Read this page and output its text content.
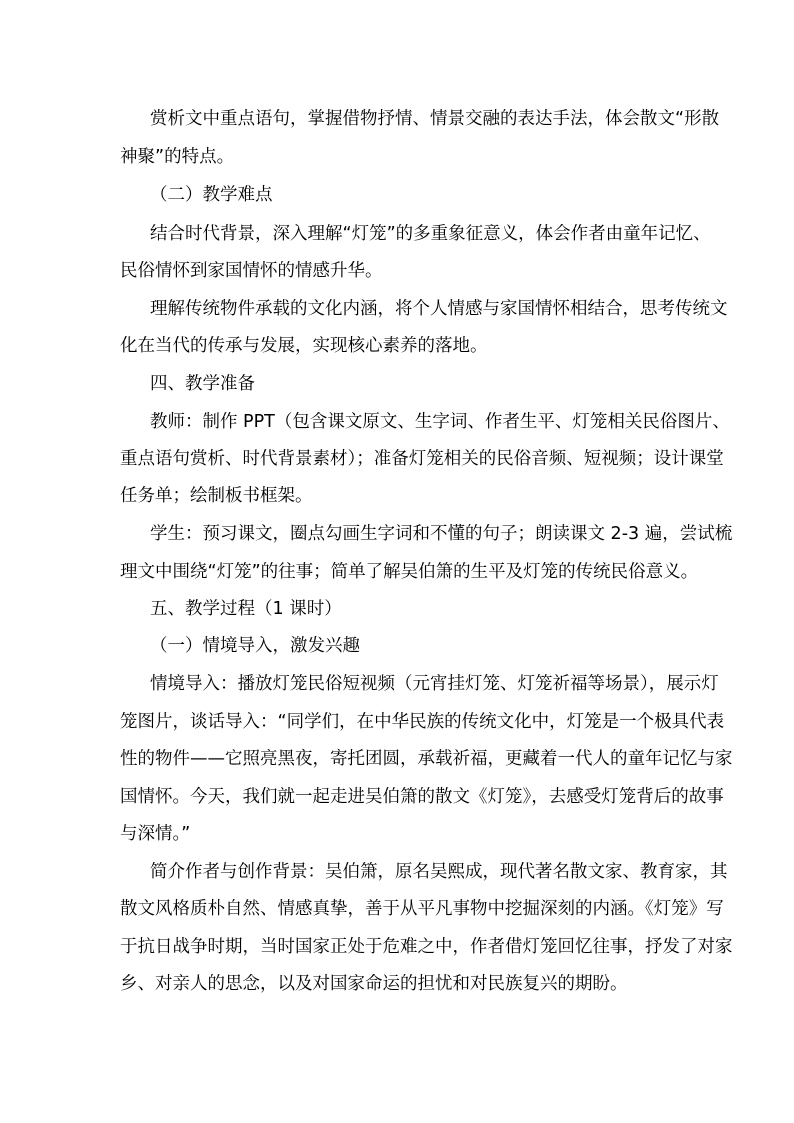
赏析文中重点语句，掌握借物抒情、情景交融的表达手法，体会散文“形散
神聚”的特点。
（二）教学难点
结合时代背景，深入理解“灯笼”的多重象征意义，体会作者由童年记忆、
民俗情怀到家国情怀的情感升华。
理解传统物件承载的文化内涵，将个人情感与家国情怀相结合，思考传统文
化在当代的传承与发展，实现核心素养的落地。
四、教学准备
教师：制作 PPT（包含课文原文、生字词、作者生平、灯笼相关民俗图片、
重点语句赏析、时代背景素材）；准备灯笼相关的民俗音频、短视频；设计课堂
任务单；绘制板书框架。
学生：预习课文，圈点勾画生字词和不懂的句子；朗读课文 2-3 遍，尝试梳
理文中围绕“灯笼”的往事；简单了解吴伯箫的生平及灯笼的传统民俗意义。
五、教学过程（1 课时）
（一）情境导入，激发兴趣
情境导入：播放灯笼民俗短视频（元宵挂灯笼、灯笼祈福等场景），展示灯
笼图片，谈话导入：“同学们，在中华民族的传统文化中，灯笼是一个极具代表
性的物件——它照亮黑夜，寄托团圆，承载祈福，更藏着一代人的童年记忆与家
国情怀。今天，我们就一起走进吴伯箫的散文《灯笼》，去感受灯笼背后的故事
与深情。”
简介作者与创作背景：吴伯箫，原名吴熙成，现代著名散文家、教育家，其
散文风格质朴自然、情感真挚，善于从平凡事物中挖掘深刻的内涵。《灯笼》写
于抗日战争时期，当时国家正处于危难之中，作者借灯笼回忆往事，抒发了对家
乡、对亲人的思念，以及对国家命运的担忧和对民族复兴的期盼。
